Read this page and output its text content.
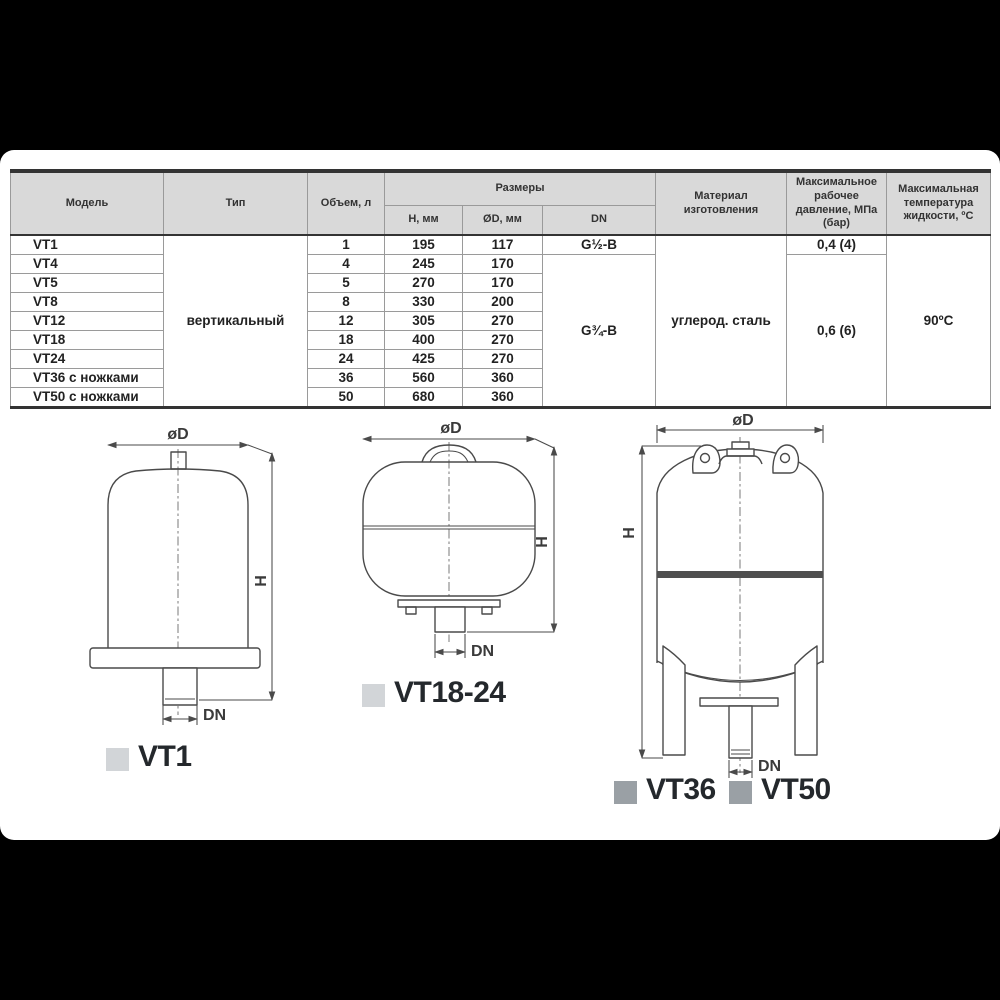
Модель	Тип	Объем, л	Размеры			Материал изготовления	Максимальное рабочее давление, МПа (бар)	Максимальная температура жидкости, ºС
			Н, мм	ØD, мм	DN			
VT1	вертикальный	1	195	117	G½-B	углерод. сталь	0,4 (4)	90ºC
VT4		4	245	170	G¾-B		0,6 (6)	
VT5		5	270	170				
VT8		8	330	200				
VT12		12	305	270				
VT18		18	400	270				
VT24		24	425	270				
VT36 с ножками		36	560	360				
VT50 с ножками		50	680	360				
øD
H
DN
VT1
øD
H
DN
VT18-24
øD
H
DN
VT36 VT50
